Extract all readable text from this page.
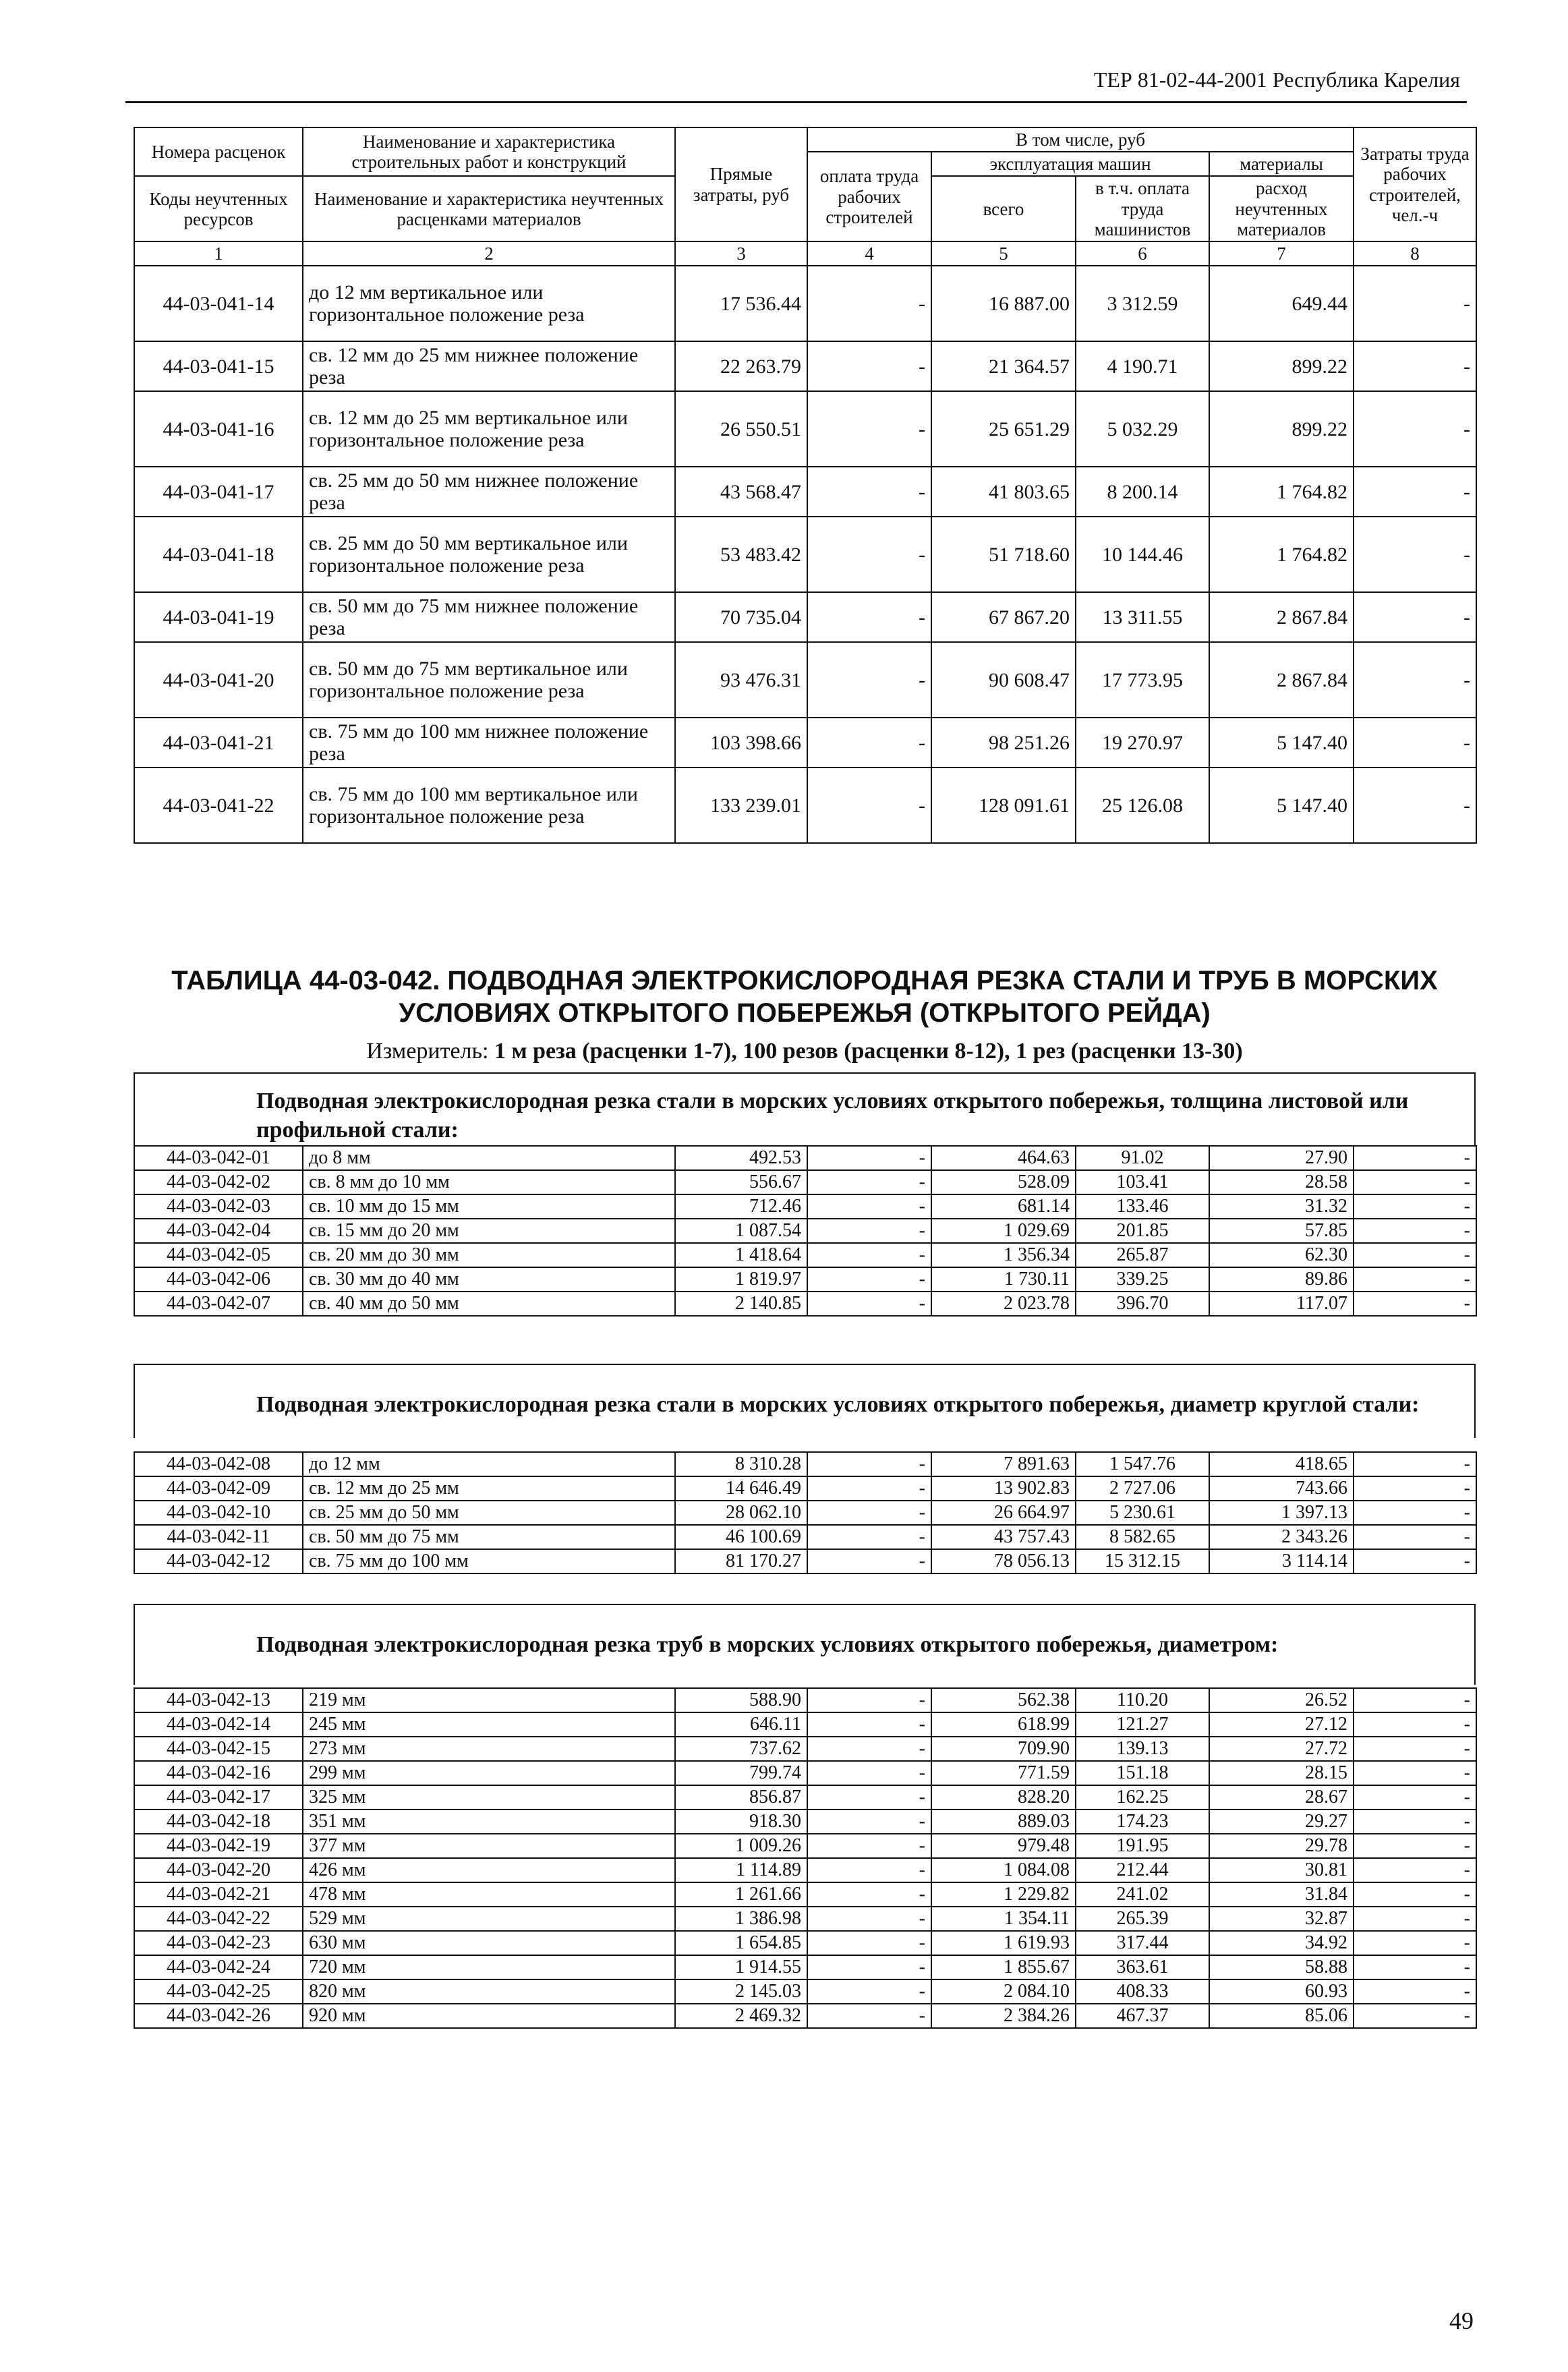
ТЕР 81-02-44-2001 Республика Карелия
Номера расценок	Наименование и характеристика строительных работ и конструкций	Прямые затраты, руб	В том числе, руб				Затраты труда рабочих строителей, чел.-ч
			оплата труда рабочих строителей	эксплуатация машин		материалы	
Коды неучтенных ресурсов	Наименование и характеристика неучтенных расценками материалов			всего	в т.ч. оплата труда машинистов	расход неучтенных материалов	

1	2	3	4	5	6	7	8
44-03-041-14	до 12 мм вертикальное или горизонтальное положение реза	17 536.44	-	16 887.00	3 312.59	649.44	-
44-03-041-15	св. 12 мм до 25 мм нижнее положение реза	22 263.79	-	21 364.57	4 190.71	899.22	-
44-03-041-16	св. 12 мм до 25 мм вертикальное или горизонтальное положение реза	26 550.51	-	25 651.29	5 032.29	899.22	-
44-03-041-17	св. 25 мм до 50 мм нижнее положение реза	43 568.47	-	41 803.65	8 200.14	1 764.82	-
44-03-041-18	св. 25 мм до 50 мм вертикальное или горизонтальное положение реза	53 483.42	-	51 718.60	10 144.46	1 764.82	-
44-03-041-19	св. 50 мм до 75 мм нижнее положение реза	70 735.04	-	67 867.20	13 311.55	2 867.84	-
44-03-041-20	св. 50 мм до 75 мм вертикальное или горизонтальное положение реза	93 476.31	-	90 608.47	17 773.95	2 867.84	-
44-03-041-21	св. 75 мм до 100 мм нижнее положение реза	103 398.66	-	98 251.26	19 270.97	5 147.40	-
44-03-041-22	св. 75 мм до 100 мм вертикальное или горизонтальное положение реза	133 239.01	-	128 091.61	25 126.08	5 147.40	-
ТАБЛИЦА 44-03-042. ПОДВОДНАЯ ЭЛЕКТРОКИСЛОРОДНАЯ РЕЗКА СТАЛИ И ТРУБ В МОРСКИХ
УСЛОВИЯХ ОТКРЫТОГО ПОБЕРЕЖЬЯ (ОТКРЫТОГО РЕЙДА)
Измеритель: 1 м реза (расценки 1-7), 100 резов (расценки 8-12), 1 рез (расценки 13-30)
Подводная электрокислородная резка стали в морских условиях открытого побережья, толщина листовой или профильной стали:
44-03-042-01	до 8 мм	492.53	-	464.63	91.02	27.90	-
44-03-042-02	св. 8 мм до 10 мм	556.67	-	528.09	103.41	28.58	-
44-03-042-03	св. 10 мм до 15 мм	712.46	-	681.14	133.46	31.32	-
44-03-042-04	св. 15 мм до 20 мм	1 087.54	-	1 029.69	201.85	57.85	-
44-03-042-05	св. 20 мм до 30 мм	1 418.64	-	1 356.34	265.87	62.30	-
44-03-042-06	св. 30 мм до 40 мм	1 819.97	-	1 730.11	339.25	89.86	-
44-03-042-07	св. 40 мм до 50 мм	2 140.85	-	2 023.78	396.70	117.07	-
Подводная электрокислородная резка стали в морских условиях открытого побережья, диаметр круглой стали:
44-03-042-08	до 12 мм	8 310.28	-	7 891.63	1 547.76	418.65	-
44-03-042-09	св. 12 мм до 25 мм	14 646.49	-	13 902.83	2 727.06	743.66	-
44-03-042-10	св. 25 мм до 50 мм	28 062.10	-	26 664.97	5 230.61	1 397.13	-
44-03-042-11	св. 50 мм до 75 мм	46 100.69	-	43 757.43	8 582.65	2 343.26	-
44-03-042-12	св. 75 мм до 100 мм	81 170.27	-	78 056.13	15 312.15	3 114.14	-
Подводная электрокислородная резка труб в морских условиях открытого побережья, диаметром:
44-03-042-13	219 мм	588.90	-	562.38	110.20	26.52	-
44-03-042-14	245 мм	646.11	-	618.99	121.27	27.12	-
44-03-042-15	273 мм	737.62	-	709.90	139.13	27.72	-
44-03-042-16	299 мм	799.74	-	771.59	151.18	28.15	-
44-03-042-17	325 мм	856.87	-	828.20	162.25	28.67	-
44-03-042-18	351 мм	918.30	-	889.03	174.23	29.27	-
44-03-042-19	377 мм	1 009.26	-	979.48	191.95	29.78	-
44-03-042-20	426 мм	1 114.89	-	1 084.08	212.44	30.81	-
44-03-042-21	478 мм	1 261.66	-	1 229.82	241.02	31.84	-
44-03-042-22	529 мм	1 386.98	-	1 354.11	265.39	32.87	-
44-03-042-23	630 мм	1 654.85	-	1 619.93	317.44	34.92	-
44-03-042-24	720 мм	1 914.55	-	1 855.67	363.61	58.88	-
44-03-042-25	820 мм	2 145.03	-	2 084.10	408.33	60.93	-
44-03-042-26	920 мм	2 469.32	-	2 384.26	467.37	85.06	-
49
